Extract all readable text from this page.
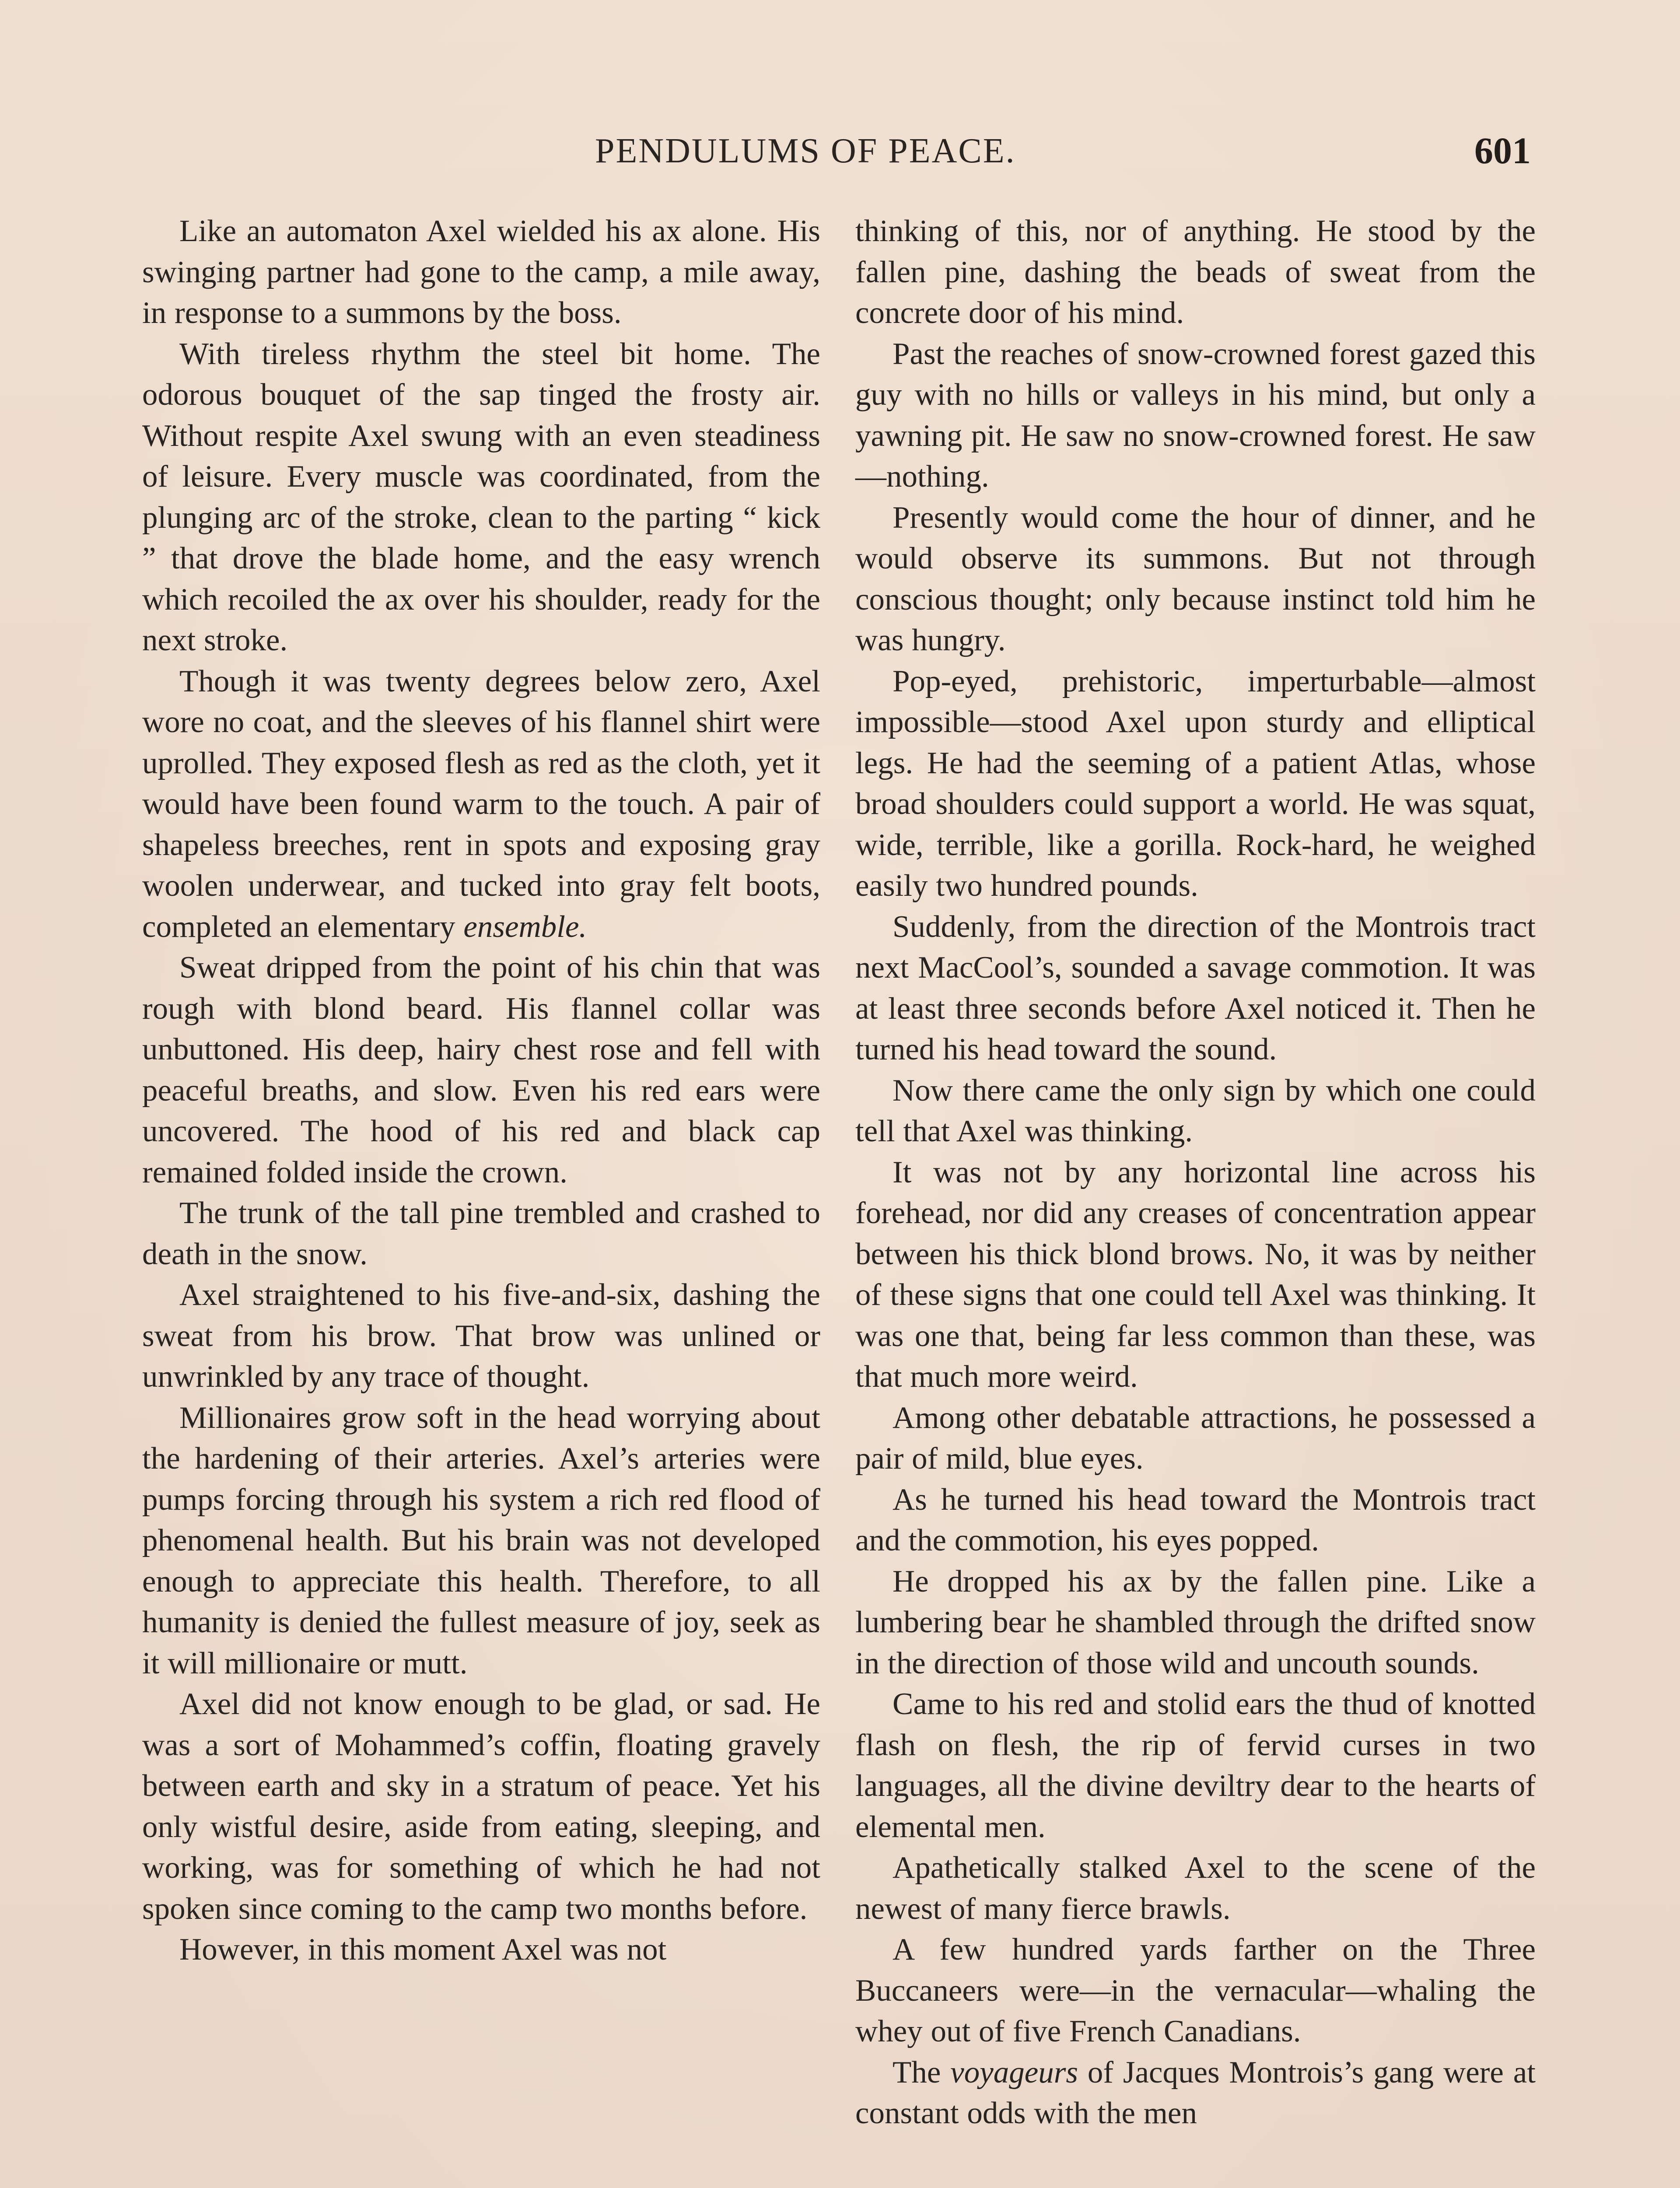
PENDULUMS OF PEACE.	601

Like an automaton Axel wielded his ax alone. His swinging partner had gone to the camp, a mile away, in response to a summons by the boss.

With tireless rhythm the steel bit home. The odorous bouquet of the sap tinged the frosty air. Without respite Axel swung with an even steadiness of leisure. Every muscle was coordinated, from the plunging arc of the stroke, clean to the parting “ kick ” that drove the blade home, and the easy wrench which recoiled the ax over his shoulder, ready for the next stroke.

Though it was twenty degrees below zero, Axel wore no coat, and the sleeves of his flannel shirt were uprolled. They exposed flesh as red as the cloth, yet it would have been found warm to the touch. A pair of shapeless breeches, rent in spots and exposing gray woolen underwear, and tucked into gray felt boots, completed an elementary ensemble.

Sweat dripped from the point of his chin that was rough with blond beard. His flannel collar was unbuttoned. His deep, hairy chest rose and fell with peaceful breaths, and slow. Even his red ears were uncovered. The hood of his red and black cap remained folded inside the crown.

The trunk of the tall pine trembled and crashed to death in the snow.

Axel straightened to his five-and-six, dashing the sweat from his brow. That brow was unlined or unwrinkled by any trace of thought.

Millionaires grow soft in the head worrying about the hardening of their arteries. Axel’s arteries were pumps forcing through his system a rich red flood of phenomenal health. But his brain was not developed enough to appreciate this health. Therefore, to all humanity is denied the fullest measure of joy, seek as it will millionaire or mutt.

Axel did not know enough to be glad, or sad. He was a sort of Mohammed’s coffin, floating gravely between earth and sky in a stratum of peace. Yet his only wistful desire, aside from eating, sleeping, and working, was for something of which he had not spoken since coming to the camp two months before.

However, in this moment Axel was not

thinking of this, nor of anything. He stood by the fallen pine, dashing the beads of sweat from the concrete door of his mind.

Past the reaches of snow-crowned forest gazed this guy with no hills or valleys in his mind, but only a yawning pit. He saw no snow-crowned forest. He saw—nothing.

Presently would come the hour of dinner, and he would observe its summons. But not through conscious thought; only because instinct told him he was hungry.

Pop-eyed, prehistoric, imperturbable—almost impossible—stood Axel upon sturdy and elliptical legs. He had the seeming of a patient Atlas, whose broad shoulders could support a world. He was squat, wide, terrible, like a gorilla. Rock-hard, he weighed easily two hundred pounds.

Suddenly, from the direction of the Montrois tract next MacCool’s, sounded a savage commotion. It was at least three seconds before Axel noticed it. Then he turned his head toward the sound.

Now there came the only sign by which one could tell that Axel was thinking.

It was not by any horizontal line across his forehead, nor did any creases of concentration appear between his thick blond brows. No, it was by neither of these signs that one could tell Axel was thinking. It was one that, being far less common than these, was that much more weird.

Among other debatable attractions, he possessed a pair of mild, blue eyes.

As he turned his head toward the Montrois tract and the commotion, his eyes popped.

He dropped his ax by the fallen pine. Like a lumbering bear he shambled through the drifted snow in the direction of those wild and uncouth sounds.

Came to his red and stolid ears the thud of knotted flash on flesh, the rip of fervid curses in two languages, all the divine deviltry dear to the hearts of elemental men.

Apathetically stalked Axel to the scene of the newest of many fierce brawls.

A few hundred yards farther on the Three Buccaneers were—in the vernacular—whaling the whey out of five French Canadians.

The voyageurs of Jacques Montrois’s gang were at constant odds with the men
